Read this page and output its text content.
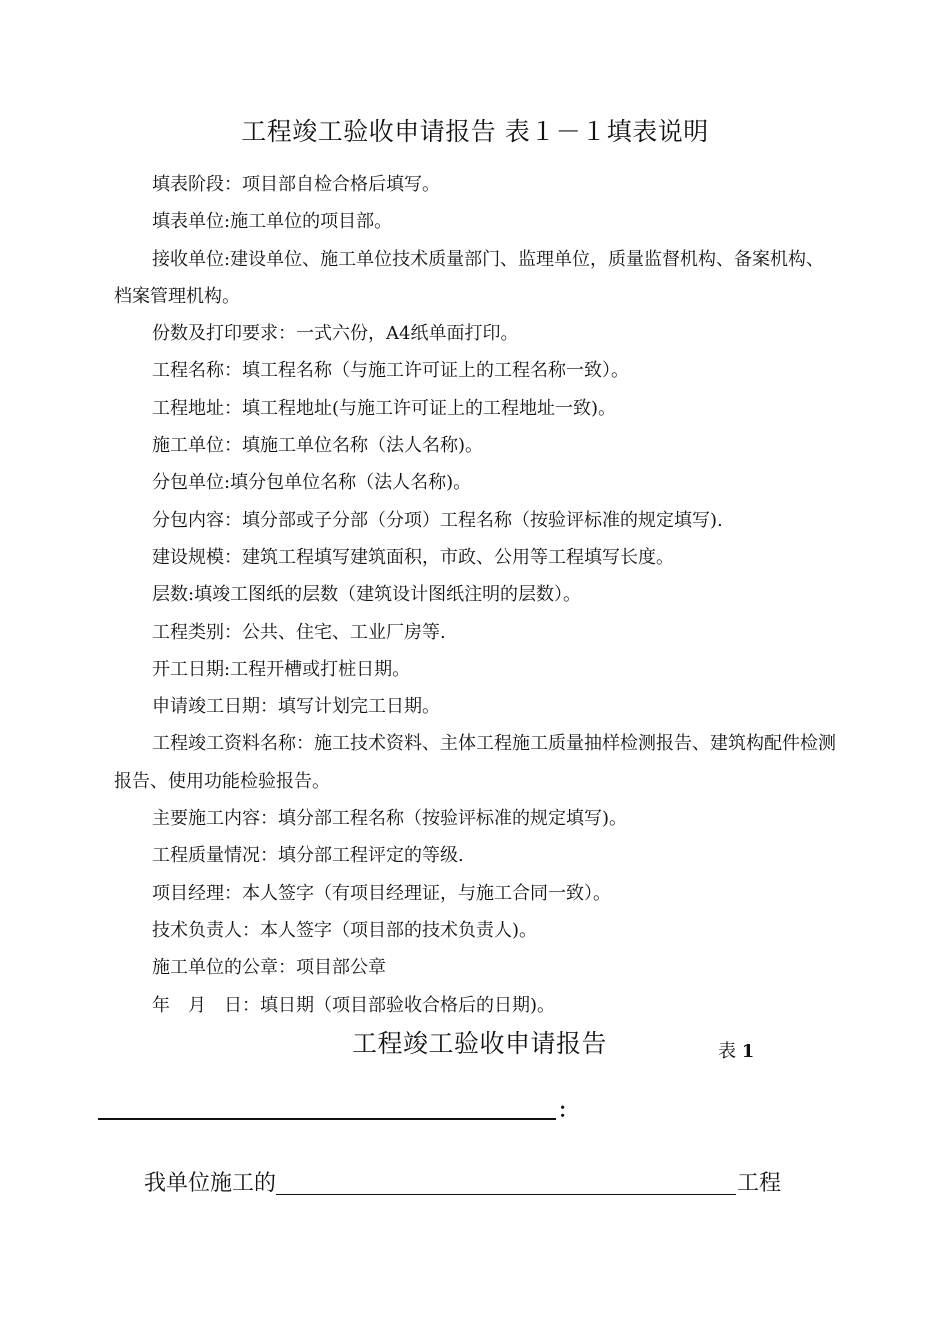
工程竣工验收申请报告 表１－１填表说明
填表阶段：项目部自检合格后填写。
填表单位:施工单位的项目部。
接收单位:建设单位、施工单位技术质量部门、监理单位，质量监督机构、备案机构、档案管理机构。
份数及打印要求：一式六份，A4纸单面打印。
工程名称：填工程名称（与施工许可证上的工程名称一致）。
工程地址：填工程地址(与施工许可证上的工程地址一致)。
施工单位：填施工单位名称（法人名称)。
分包单位:填分包单位名称（法人名称)。
分包内容：填分部或子分部（分项）工程名称（按验评标准的规定填写).
建设规模：建筑工程填写建筑面积，市政、公用等工程填写长度。
层数:填竣工图纸的层数（建筑设计图纸注明的层数）。
工程类别：公共、住宅、工业厂房等.
开工日期:工程开槽或打桩日期。
申请竣工日期：填写计划完工日期。
工程竣工资料名称：施工技术资料、主体工程施工质量抽样检测报告、建筑构配件检测报告、使用功能检验报告。
主要施工内容：填分部工程名称（按验评标准的规定填写)。
工程质量情况：填分部工程评定的等级.
项目经理：本人签字（有项目经理证，与施工合同一致）。
技术负责人：本人签字（项目部的技术负责人)。
施工单位的公章：项目部公章
年　月　日：填日期（项目部验收合格后的日期)。
工程竣工验收申请报告	表 1
：
我单位施工的	工程
